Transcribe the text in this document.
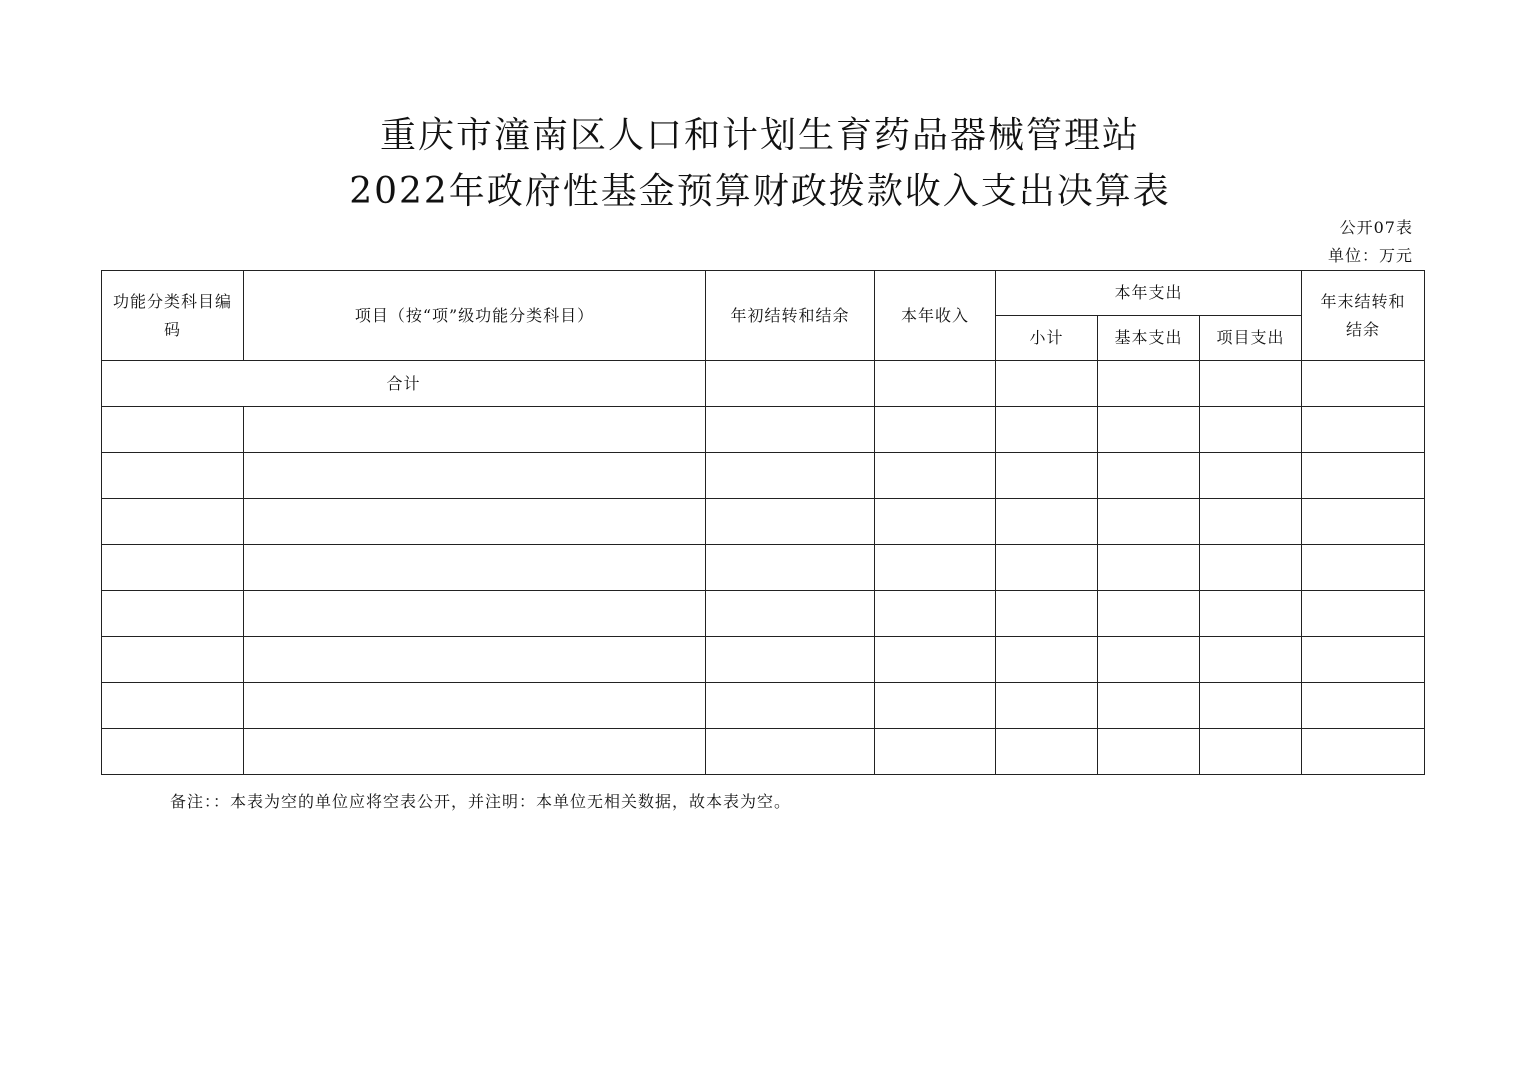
重庆市潼南区人口和计划生育药品器械管理站
2022年政府性基金预算财政拨款收入支出决算表
公开07表
单位：万元
功能分类科目编码	项目（按“项”级功能分类科目）	年初结转和结余	本年收入	本年支出			年末结转和结余

				小计	基本支出	项目支出	
合计							

备注：：本表为空的单位应将空表公开，并注明：本单位无相关数据，故本表为空。
